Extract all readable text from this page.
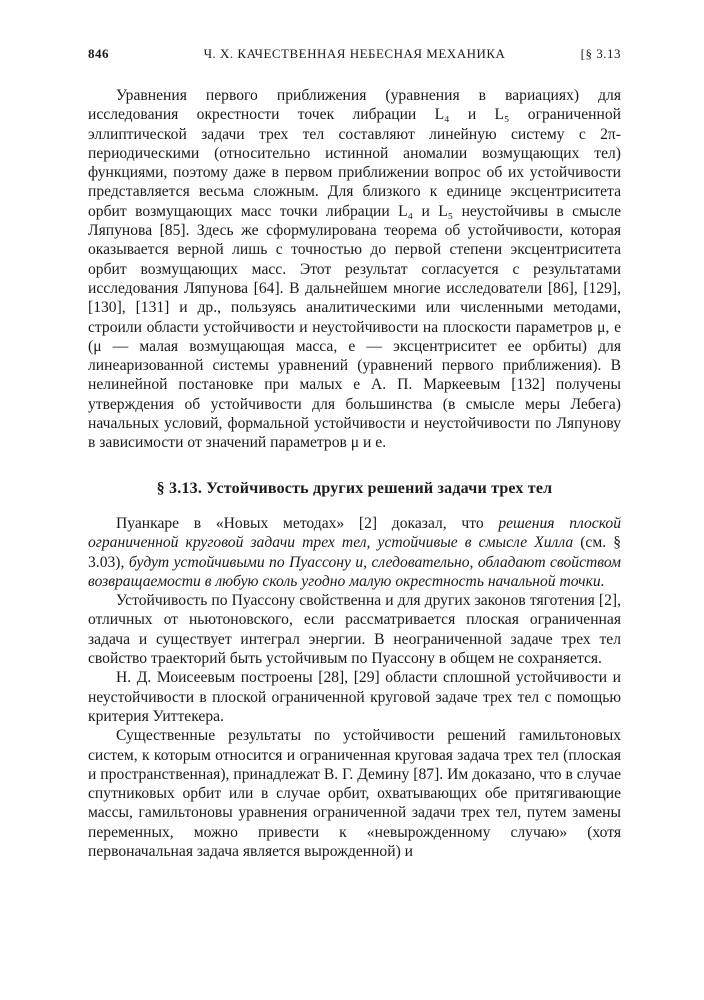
846	Ч. X. КАЧЕСТВЕННАЯ НЕБЕСНАЯ МЕХАНИКА	[§ 3.13

Уравнения первого приближения (уравнения в вариациях) для исследования окрестности точек либрации L₄ и L₅ ограниченной эллиптической задачи трех тел составляют линейную систему с 2π-периодическими (относительно истинной аномалии возмущающих тел) функциями, поэтому даже в первом приближении вопрос об их устойчивости представляется весьма сложным. Для близкого к единице эксцентриситета орбит возмущающих масс точки либрации L₄ и L₅ неустойчивы в смысле Ляпунова [85]. Здесь же сформулирована теорема об устойчивости, которая оказывается верной лишь с точностью до первой степени эксцентриситета орбит возмущающих масс. Этот результат согласуется с результатами исследования Ляпунова [64]. В дальнейшем многие исследователи [86], [129], [130], [131] и др., пользуясь аналитическими или численными методами, строили области устойчивости и неустойчивости на плоскости параметров μ, e (μ — малая возмущающая масса, e — эксцентриситет ее орбиты) для линеаризованной системы уравнений (уравнений первого приближения). В нелинейной постановке при малых e А. П. Маркеевым [132] получены утверждения об устойчивости для большинства (в смысле меры Лебега) начальных условий, формальной устойчивости и неустойчивости по Ляпунову в зависимости от значений параметров μ и e.

§ 3.13. Устойчивость других решений задачи трех тел

Пуанкаре в «Новых методах» [2] доказал, что решения плоской ограниченной круговой задачи трех тел, устойчивые в смысле Хилла (см. § 3.03), будут устойчивыми по Пуассону и, следовательно, обладают свойством возвращаемости в любую сколь угодно малую окрестность начальной точки.

Устойчивость по Пуассону свойственна и для других законов тяготения [2], отличных от ньютоновского, если рассматривается плоская ограниченная задача и существует интеграл энергии. В неограниченной задаче трех тел свойство траекторий быть устойчивым по Пуассону в общем не сохраняется.

Н. Д. Моисеевым построены [28], [29] области сплошной устойчивости и неустойчивости в плоской ограниченной круговой задаче трех тел с помощью критерия Уиттекера.

Существенные результаты по устойчивости решений гамильтоновых систем, к которым относится и ограниченная круговая задача трех тел (плоская и пространственная), принадлежат В. Г. Демину [87]. Им доказано, что в случае спутниковых орбит или в случае орбит, охватывающих обе притягивающие массы, гамильтоновы уравнения ограниченной задачи трех тел, путем замены переменных, можно привести к «невырожденному случаю» (хотя первоначальная задача является вырожденной) и
